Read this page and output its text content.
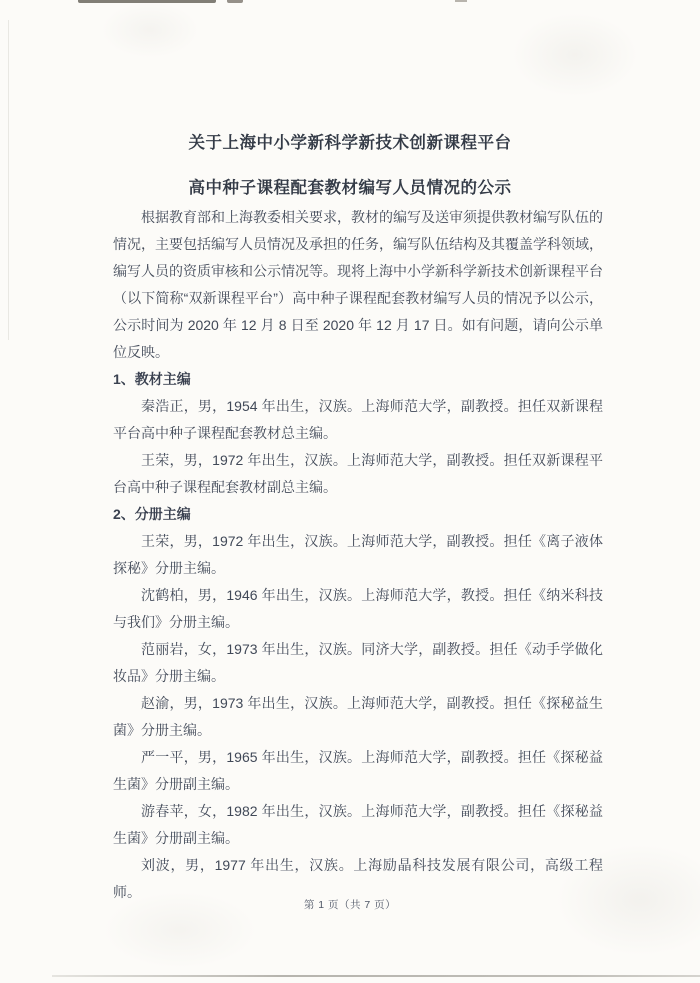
关于上海中小学新科学新技术创新课程平台

高中种子课程配套教材编写人员情况的公示

根据教育部和上海教委相关要求，教材的编写及送审须提供教材编写队伍的情况，主要包括编写人员情况及承担的任务，编写队伍结构及其覆盖学科领域，编写人员的资质审核和公示情况等。现将上海中小学新科学新技术创新课程平台（以下简称“双新课程平台”）高中种子课程配套教材编写人员的情况予以公示，公示时间为 2020 年 12 月 8 日至 2020 年 12 月 17 日。如有问题，请向公示单位反映。

1、教材主编

秦浩正，男，1954 年出生，汉族。上海师范大学，副教授。担任双新课程平台高中种子课程配套教材总主编。

王荣，男，1972 年出生，汉族。上海师范大学，副教授。担任双新课程平台高中种子课程配套教材副总主编。

2、分册主编

王荣，男，1972 年出生，汉族。上海师范大学，副教授。担任《离子液体探秘》分册主编。

沈鹤柏，男，1946 年出生，汉族。上海师范大学，教授。担任《纳米科技与我们》分册主编。

范丽岩，女，1973 年出生，汉族。同济大学，副教授。担任《动手学做化妆品》分册主编。

赵渝，男，1973 年出生，汉族。上海师范大学，副教授。担任《探秘益生菌》分册主编。

严一平，男，1965 年出生，汉族。上海师范大学，副教授。担任《探秘益生菌》分册副主编。

游春苹，女，1982 年出生，汉族。上海师范大学，副教授。担任《探秘益生菌》分册副主编。

刘波，男，1977 年出生，汉族。上海励晶科技发展有限公司，高级工程师。

第 1 页（共 7 页）
